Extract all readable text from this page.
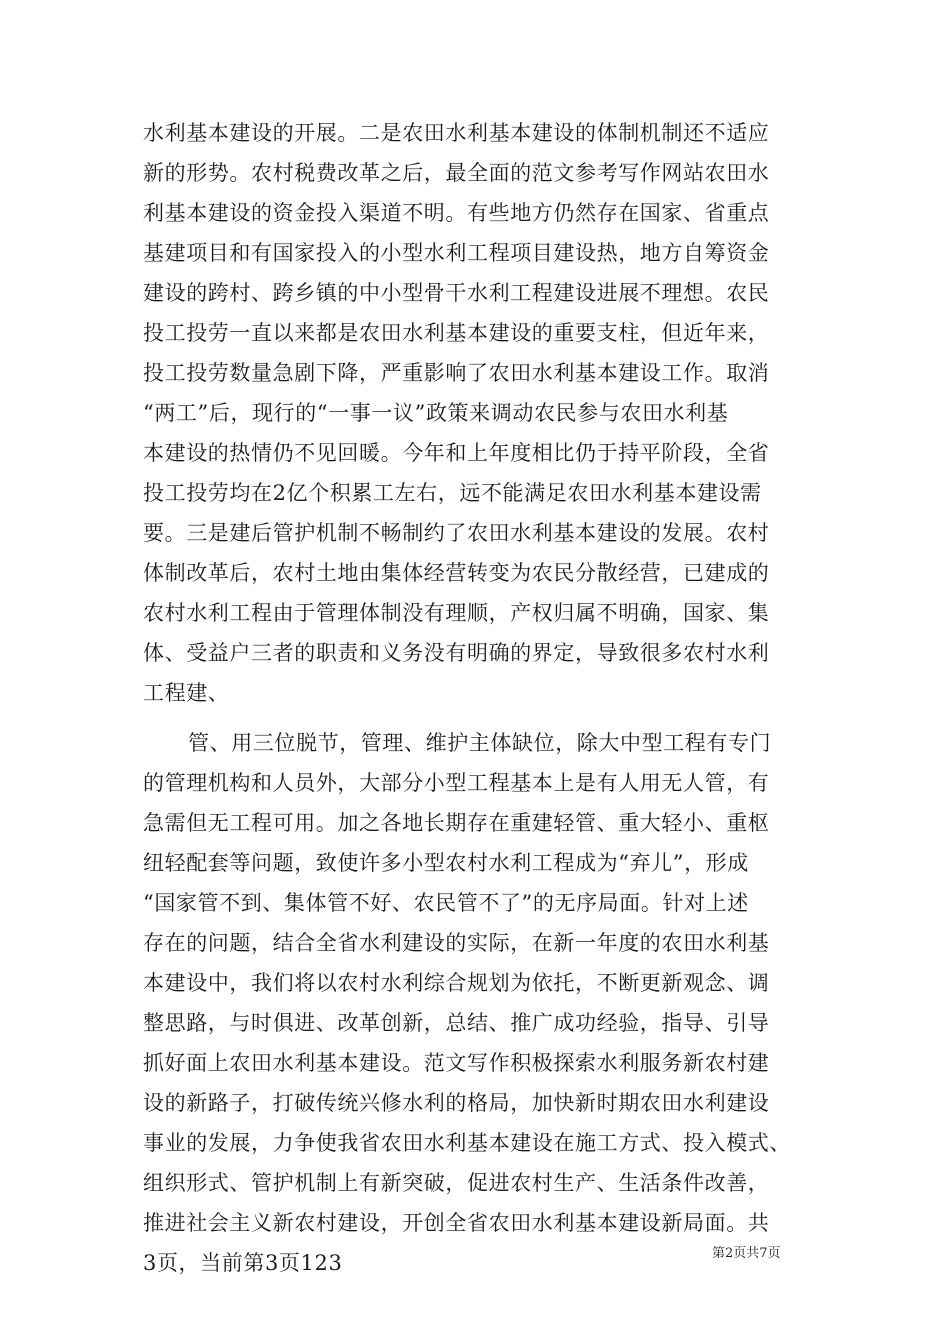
水利基本建设的开展。二是农田水利基本建设的体制机制还不适应
新的形势。农村税费改革之后，最全面的范文参考写作网站农田水
利基本建设的资金投入渠道不明。有些地方仍然存在国家、省重点
基建项目和有国家投入的小型水利工程项目建设热，地方自筹资金
建设的跨村、跨乡镇的中小型骨干水利工程建设进展不理想。农民
投工投劳一直以来都是农田水利基本建设的重要支柱，但近年来，
投工投劳数量急剧下降，严重影响了农田水利基本建设工作。取消
“两工”后，现行的“一事一议”政策来调动农民参与农田水利基
本建设的热情仍不见回暖。今年和上年度相比仍于持平阶段，全省
投工投劳均在2亿个积累工左右，远不能满足农田水利基本建设需
要。三是建后管护机制不畅制约了农田水利基本建设的发展。农村
体制改革后，农村土地由集体经营转变为农民分散经营，已建成的
农村水利工程由于管理体制没有理顺，产权归属不明确，国家、集
体、受益户三者的职责和义务没有明确的界定，导致很多农村水利
工程建、
管、用三位脱节，管理、维护主体缺位，除大中型工程有专门
的管理机构和人员外，大部分小型工程基本上是有人用无人管，有
急需但无工程可用。加之各地长期存在重建轻管、重大轻小、重枢
纽轻配套等问题，致使许多小型农村水利工程成为“弃儿”，形成
“国家管不到、集体管不好、农民管不了”的无序局面。针对上述
存在的问题，结合全省水利建设的实际，在新一年度的农田水利基
本建设中，我们将以农村水利综合规划为依托，不断更新观念、调
整思路，与时俱进、改革创新，总结、推广成功经验，指导、引导
抓好面上农田水利基本建设。范文写作积极探索水利服务新农村建
设的新路子，打破传统兴修水利的格局，加快新时期农田水利建设
事业的发展，力争使我省农田水利基本建设在施工方式、投入模式、
组织形式、管护机制上有新突破，促进农村生产、生活条件改善，
推进社会主义新农村建设，开创全省农田水利基本建设新局面。共
3页，当前第3页123	第2页共7页
